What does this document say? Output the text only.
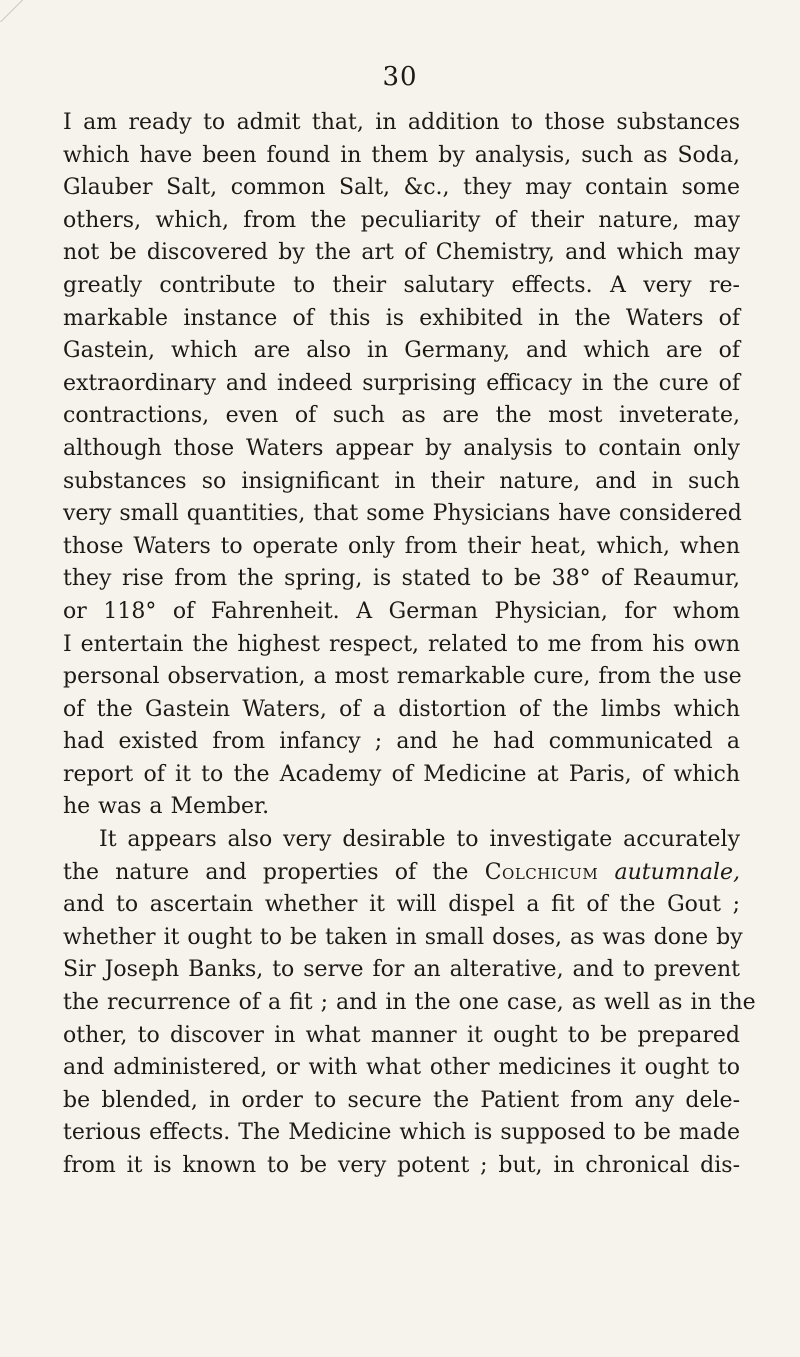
30

I am ready to admit that, in addition to those substances
which have been found in them by analysis, such as Soda,
Glauber Salt, common Salt, &c., they may contain some
others, which, from the peculiarity of their nature, may
not be discovered by the art of Chemistry, and which may
greatly contribute to their salutary effects. A very re-
markable instance of this is exhibited in the Waters of
Gastein, which are also in Germany, and which are of
extraordinary and indeed surprising efficacy in the cure of
contractions, even of such as are the most inveterate,
although those Waters appear by analysis to contain only
substances so insignificant in their nature, and in such
very small quantities, that some Physicians have considered
those Waters to operate only from their heat, which, when
they rise from the spring, is stated to be 38° of Reaumur,
or 118° of Fahrenheit. A German Physician, for whom
I entertain the highest respect, related to me from his own
personal observation, a most remarkable cure, from the use
of the Gastein Waters, of a distortion of the limbs which
had existed from infancy ; and he had communicated a
report of it to the Academy of Medicine at Paris, of which
he was a Member.

It appears also very desirable to investigate accurately
the nature and properties of the Colchicum autumnale,
and to ascertain whether it will dispel a fit of the Gout ;
whether it ought to be taken in small doses, as was done by
Sir Joseph Banks, to serve for an alterative, and to prevent
the recurrence of a fit ; and in the one case, as well as in the
other, to discover in what manner it ought to be prepared
and administered, or with what other medicines it ought to
be blended, in order to secure the Patient from any dele-
terious effects. The Medicine which is supposed to be made
from it is known to be very potent ; but, in chronical dis-
